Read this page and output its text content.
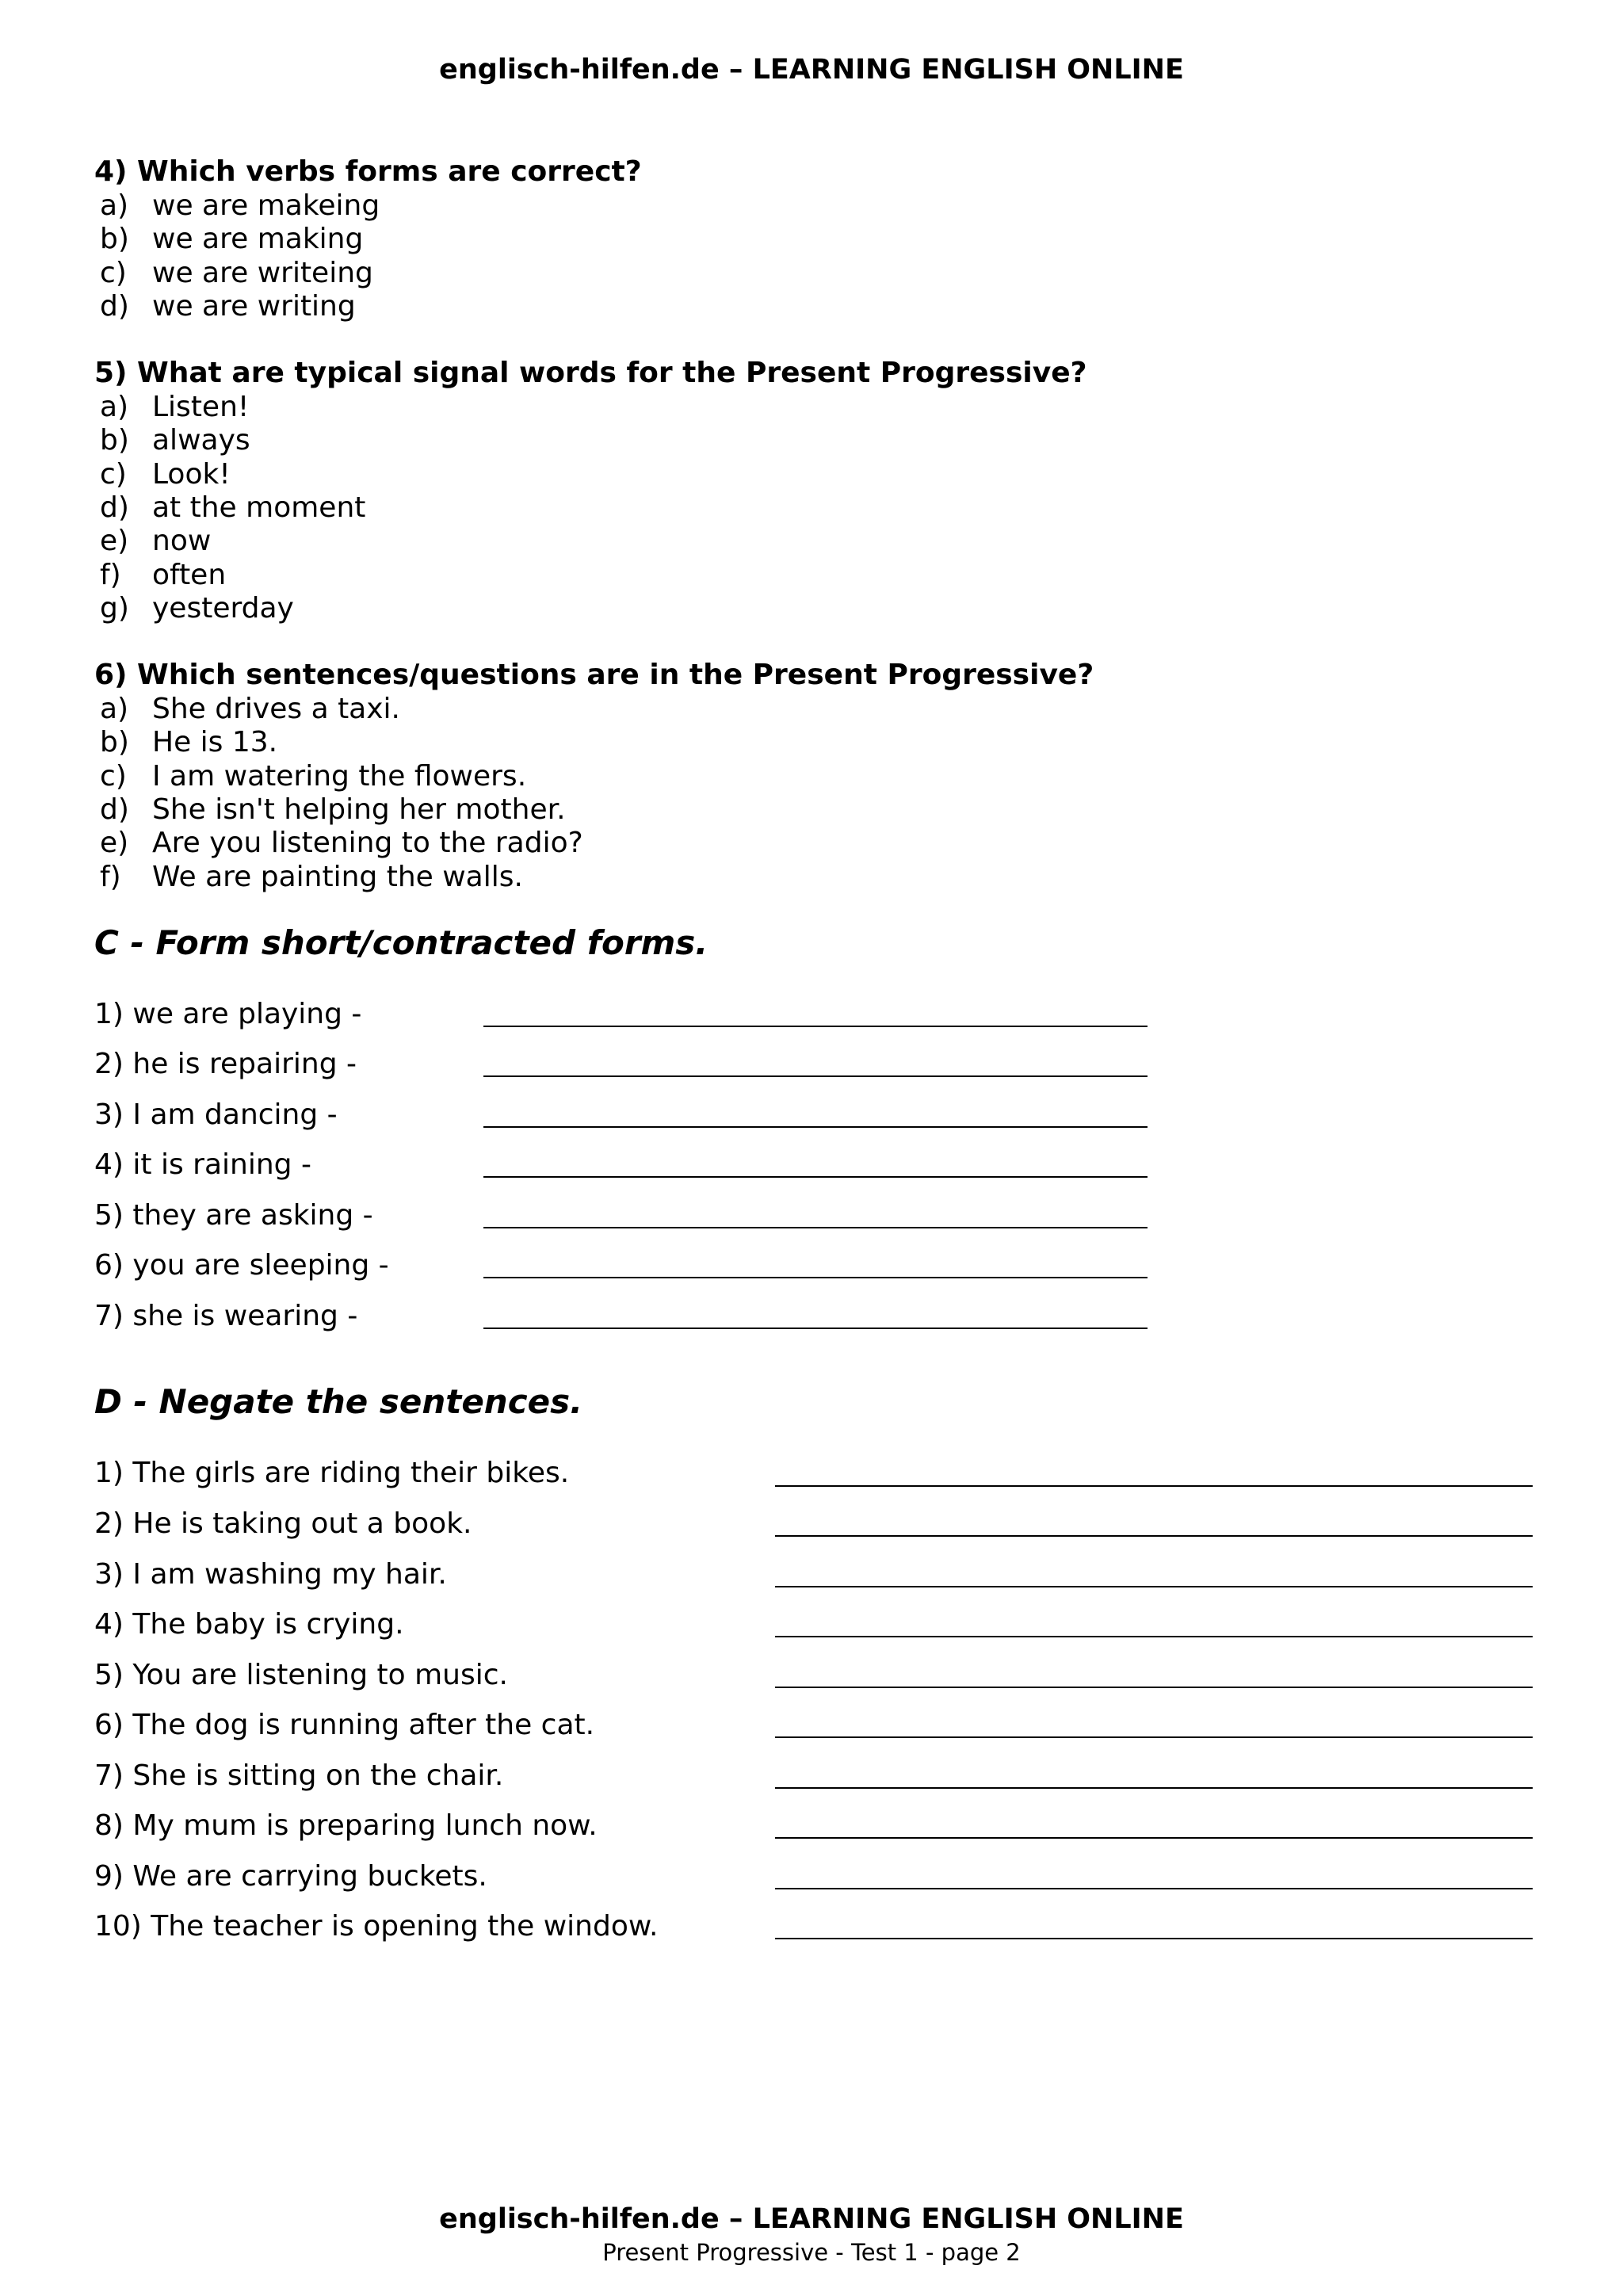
englisch-hilfen.de – LEARNING ENGLISH ONLINE
4) Which verbs forms are correct?
a) we are makeing
b) we are making
c) we are writeing
d) we are writing
5) What are typical signal words for the Present Progressive?
a) Listen!
b) always
c) Look!
d) at the moment
e) now
f) often
g) yesterday
6) Which sentences/questions are in the Present Progressive?
a) She drives a taxi.
b) He is 13.
c) I am watering the flowers.
d) She isn't helping her mother.
e) Are you listening to the radio?
f) We are painting the walls.
C - Form short/contracted forms.
1) we are playing -
2) he is repairing -
3) I am dancing -
4) it is raining -
5) they are asking -
6) you are sleeping -
7) she is wearing -
D - Negate the sentences.
1) The girls are riding their bikes.
2) He is taking out a book.
3) I am washing my hair.
4) The baby is crying.
5) You are listening to music.
6) The dog is running after the cat.
7) She is sitting on the chair.
8) My mum is preparing lunch now.
9) We are carrying buckets.
10) The teacher is opening the window.
englisch-hilfen.de – LEARNING ENGLISH ONLINE
Present Progressive - Test 1 - page 2
